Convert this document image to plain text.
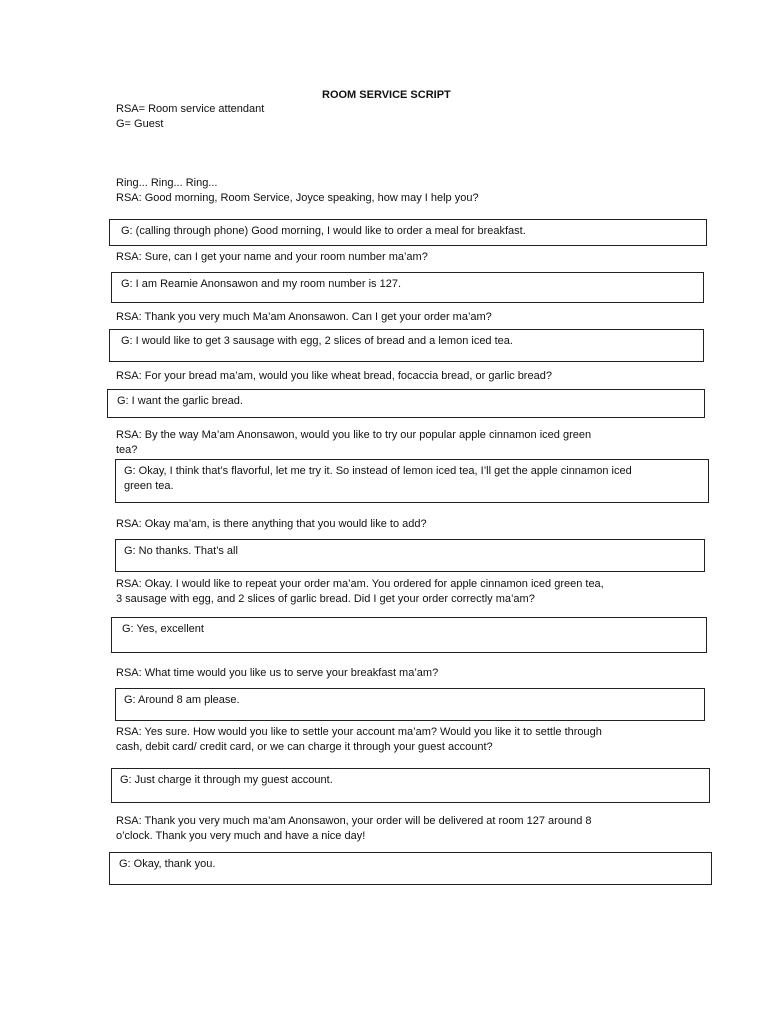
ROOM SERVICE SCRIPT
RSA= Room service attendant
G= Guest
Ring... Ring... Ring...
RSA: Good morning, Room Service, Joyce speaking, how may I help you?
G: (calling through phone) Good morning, I would like to order a meal for breakfast.
RSA: Sure, can I get your name and your room number ma’am?
G: I am Reamie Anonsawon and my room number is 127.
RSA: Thank you very much Ma’am Anonsawon. Can I get your order ma’am?
G: I would like to get 3 sausage with egg, 2 slices of bread and a lemon iced tea.
RSA: For your bread ma’am, would you like wheat bread, focaccia bread, or garlic bread?
G: I want the garlic bread.
RSA: By the way Ma’am Anonsawon, would you like to try our popular apple cinnamon iced green
tea?
G: Okay, I think that’s flavorful, let me try it. So instead of lemon iced tea, I’ll get the apple cinnamon iced
green tea.
RSA: Okay ma’am, is there anything that you would like to add?
G: No thanks. That’s all
RSA: Okay. I would like to repeat your order ma’am. You ordered for apple cinnamon iced green tea,
3 sausage with egg, and 2 slices of garlic bread. Did I get your order correctly ma’am?
G: Yes, excellent
RSA: What time would you like us to serve your breakfast ma’am?
G: Around 8 am please.
RSA: Yes sure. How would you like to settle your account ma’am? Would you like it to settle through
cash, debit card/ credit card, or we can charge it through your guest account?
G: Just charge it through my guest account.
RSA: Thank you very much ma’am Anonsawon, your order will be delivered at room 127 around 8
o’clock. Thank you very much and have a nice day!
G: Okay, thank you.
